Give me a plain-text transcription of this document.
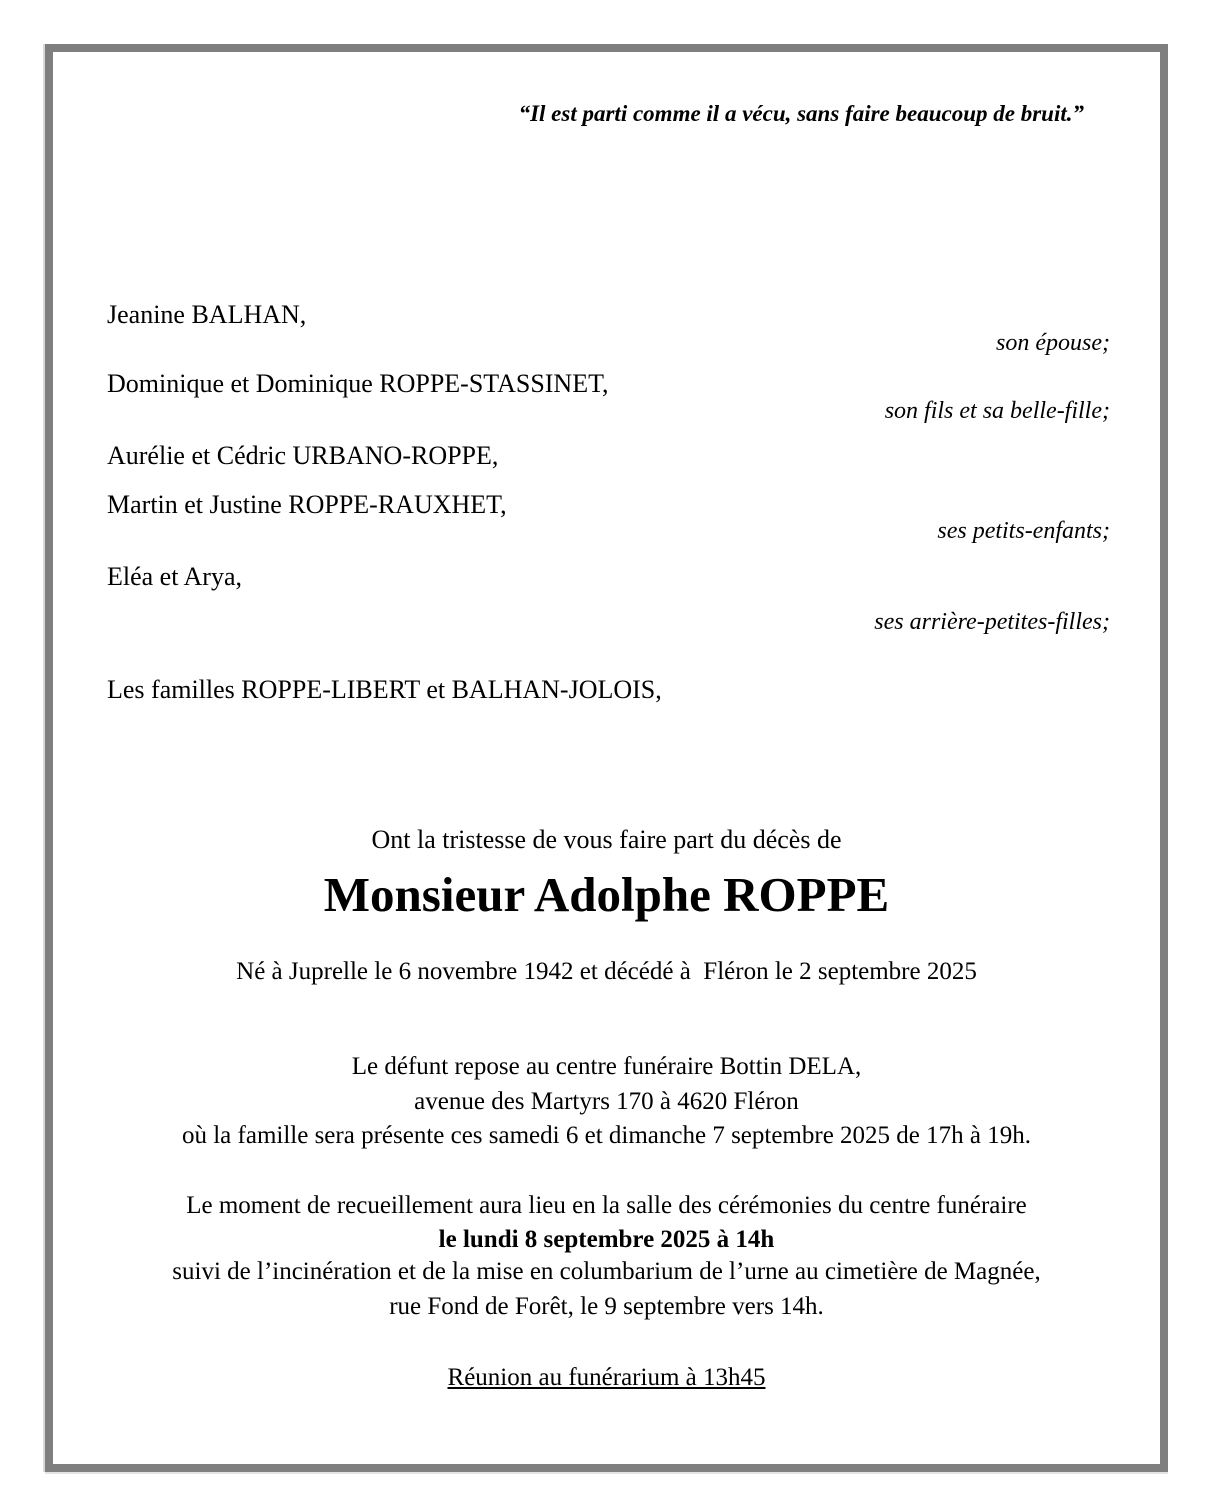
“Il est parti comme il a vécu, sans faire beaucoup de bruit.”
Jeanine BALHAN,
son épouse;
Dominique et Dominique ROPPE-STASSINET,
son fils et sa belle-fille;
Aurélie et Cédric URBANO-ROPPE,
Martin et Justine ROPPE-RAUXHET,
ses petits-enfants;
Eléa et Arya,
ses arrière-petites-filles;
Les familles ROPPE-LIBERT et BALHAN-JOLOIS,
Ont la tristesse de vous faire part du décès de
Monsieur Adolphe ROPPE
Né à Juprelle le 6 novembre 1942 et décédé à  Fléron le 2 septembre 2025
Le défunt repose au centre funéraire Bottin DELA,
avenue des Martyrs 170 à 4620 Fléron
où la famille sera présente ces samedi 6 et dimanche 7 septembre 2025 de 17h à 19h.
Le moment de recueillement aura lieu en la salle des cérémonies du centre funéraire
le lundi 8 septembre 2025 à 14h
suivi de l’incinération et de la mise en columbarium de l’urne au cimetière de Magnée,
rue Fond de Forêt, le 9 septembre vers 14h.
Réunion au funérarium à 13h45
